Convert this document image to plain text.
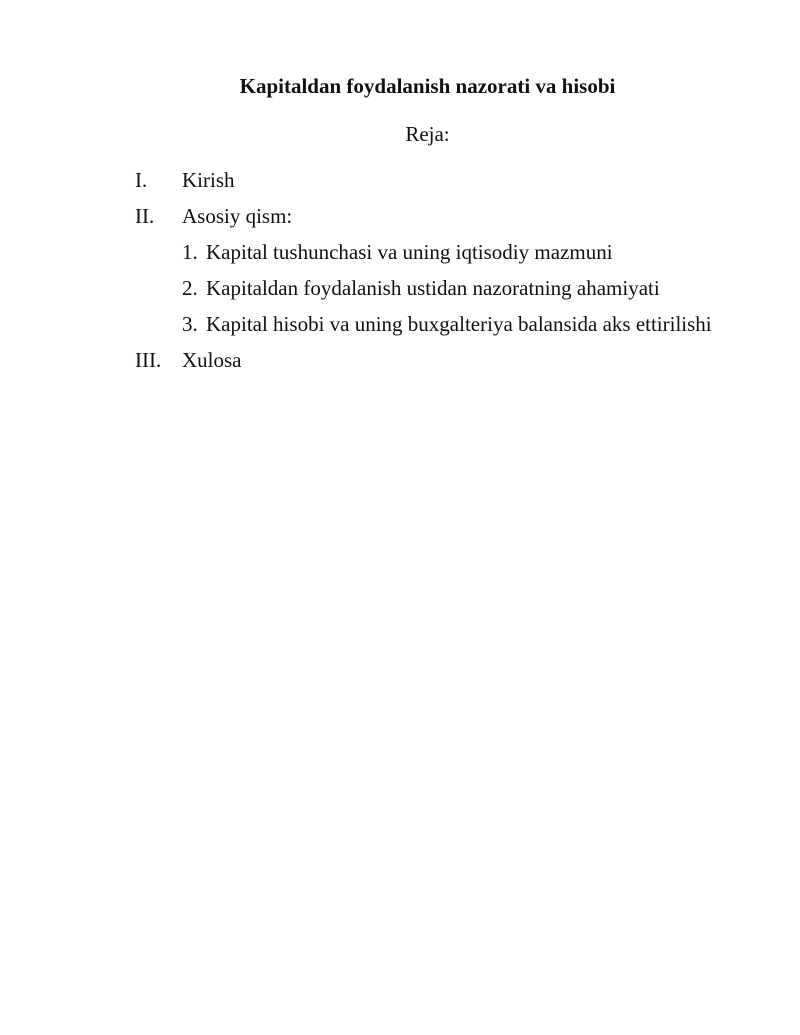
Kapitaldan foydalanish nazorati va hisobi
Reja:
I. Kirish
II. Asosiy qism:
1. Kapital tushunchasi va uning iqtisodiy mazmuni
2. Kapitaldan foydalanish ustidan nazoratning ahamiyati
3. Kapital hisobi va uning buxgalteriya balansida aks ettirilishi
III. Xulosa
